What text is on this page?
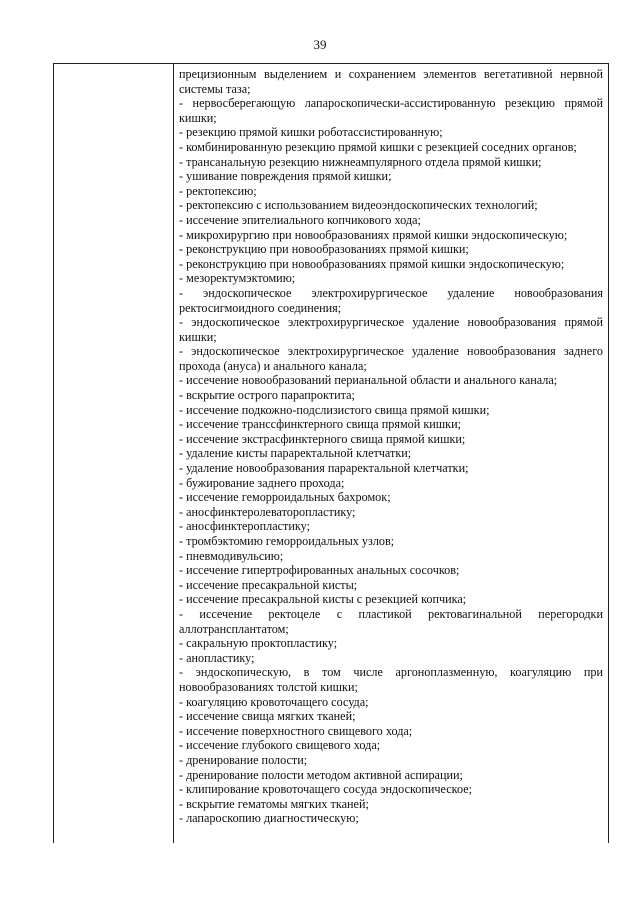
39
прецизионным выделением и сохранением элементов вегетативной нервной
системы таза;
- нервосберегающую лапароскопически-ассистированную резекцию прямой
кишки;
- резекцию прямой кишки роботассистированную;
- комбинированную резекцию прямой кишки с резекцией соседних органов;
- трансанальную резекцию нижнеампулярного отдела прямой кишки;
- ушивание повреждения прямой кишки;
- ректопексию;
- ректопексию с использованием видеоэндоскопических технологий;
- иссечение эпителиального копчикового хода;
- микрохирургию при новообразованиях прямой кишки эндоскопическую;
- реконструкцию при новообразованиях прямой кишки;
- реконструкцию при новообразованиях прямой кишки эндоскопическую;
- мезоректумэктомию;
- эндоскопическое электрохирургическое удаление новообразования
ректосигмоидного соединения;
- эндоскопическое электрохирургическое удаление новообразования прямой
кишки;
- эндоскопическое электрохирургическое удаление новообразования заднего
прохода (ануса) и анального канала;
- иссечение новообразований перианальной области и анального канала;
- вскрытие острого парапроктита;
- иссечение подкожно-подслизистого свища прямой кишки;
- иссечение транссфинктерного свища прямой кишки;
- иссечение экстрасфинктерного свища прямой кишки;
- удаление кисты параректальной клетчатки;
- удаление новообразования параректальной клетчатки;
- бужирование заднего прохода;
- иссечение геморроидальных бахромок;
- аносфинктеролеваторопластику;
- аносфинктеропластику;
- тромбэктомию геморроидальных узлов;
- пневмодивульсию;
- иссечение гипертрофированных анальных сосочков;
- иссечение пресакральной кисты;
- иссечение пресакральной кисты с резекцией копчика;
- иссечение ректоцеле с пластикой ректовагинальной перегородки
аллотрансплантатом;
- сакральную проктопластику;
- анопластику;
- эндоскопическую, в том числе аргоноплазменную, коагуляцию при
новообразованиях толстой кишки;
- коагуляцию кровоточащего сосуда;
- иссечение свища мягких тканей;
- иссечение поверхностного свищевого хода;
- иссечение глубокого свищевого хода;
- дренирование полости;
- дренирование полости методом активной аспирации;
- клипирование кровоточащего сосуда эндоскопическое;
- вскрытие гематомы мягких тканей;
- лапароскопию диагностическую;
